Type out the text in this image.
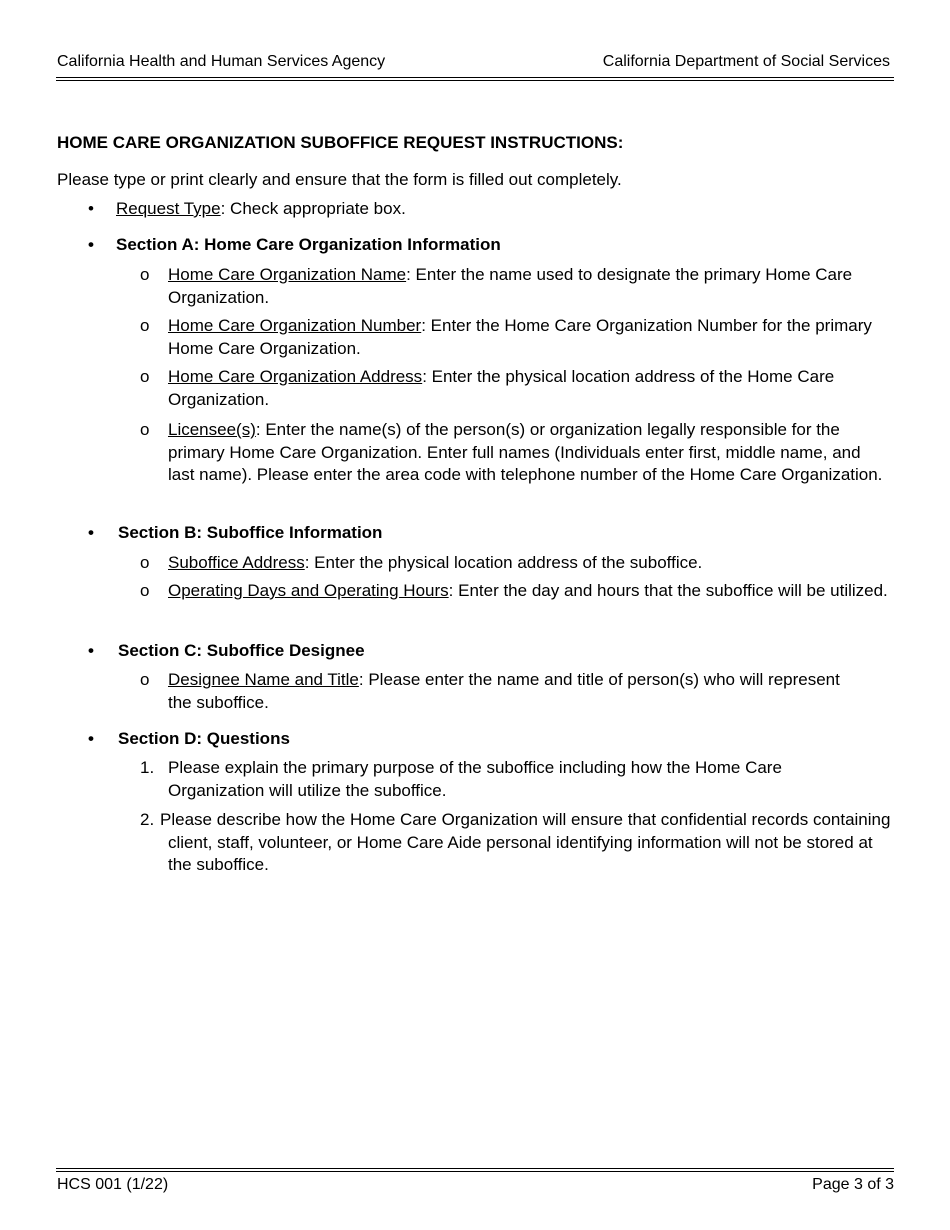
California Health and Human Services Agency	California Department of Social Services
HOME CARE ORGANIZATION SUBOFFICE REQUEST INSTRUCTIONS:
Please type or print clearly and ensure that the form is filled out completely.
• Request Type: Check appropriate box.
• Section A: Home Care Organization Information
o Home Care Organization Name: Enter the name used to designate the primary Home Care Organization.
o Home Care Organization Number: Enter the Home Care Organization Number for the primary Home Care Organization.
o Home Care Organization Address: Enter the physical location address of the Home Care Organization.
o Licensee(s): Enter the name(s) of the person(s) or organization legally responsible for the primary Home Care Organization. Enter full names (Individuals enter first, middle name, and last name). Please enter the area code with telephone number of the Home Care Organization.
• Section B: Suboffice Information
o Suboffice Address: Enter the physical location address of the suboffice.
o Operating Days and Operating Hours: Enter the day and hours that the suboffice will be utilized.
• Section C: Suboffice Designee
o Designee Name and Title: Please enter the name and title of person(s) who will represent the suboffice.
• Section D: Questions
1. Please explain the primary purpose of the suboffice including how the Home Care Organization will utilize the suboffice.
2. Please describe how the Home Care Organization will ensure that confidential records containing client, staff, volunteer, or Home Care Aide personal identifying information will not be stored at the suboffice.
HCS 001 (1/22)	Page 3 of 3
